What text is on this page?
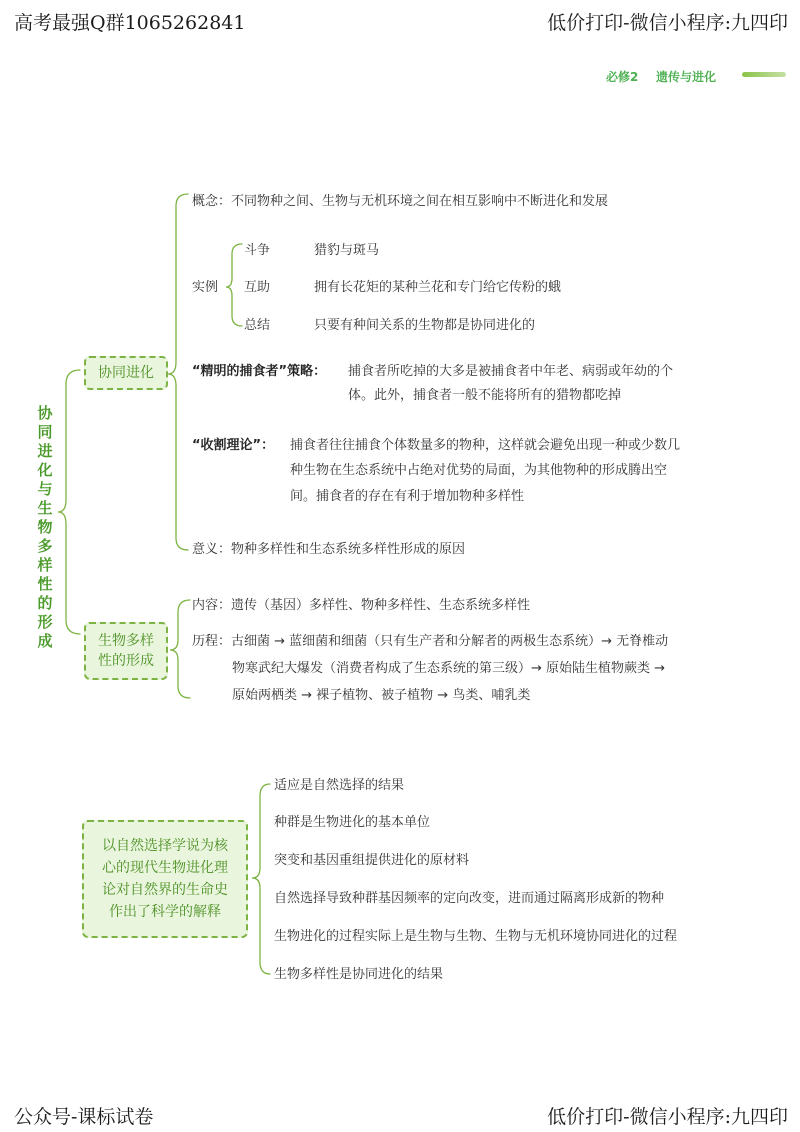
高考最强Q群1065262841	低价打印-微信小程序:九四印
公众号-课标试卷	低价打印-微信小程序:九四印
必修2 遗传与进化
协
同
进
化
与
生
物
多
样
性
的
形
成
协同进化
概念：不同物种之间、生物与无机环境之间在相互影响中不断进化和发展
实例
斗争	猎豹与斑马
互助	拥有长花矩的某种兰花和专门给它传粉的蛾
总结	只要有种间关系的生物都是协同进化的
“精明的捕食者”策略： 捕食者所吃掉的大多是被捕食者中年老、病弱或年幼的个
体。此外，捕食者一般不能将所有的猎物都吃掉
“收割理论”： 捕食者往往捕食个体数量多的物种，这样就会避免出现一种或少数几
种生物在生态系统中占绝对优势的局面，为其他物种的形成腾出空
间。捕食者的存在有利于增加物种多样性
意义：物种多样性和生态系统多样性形成的原因
生物多样
性的形成
内容：遗传（基因）多样性、物种多样性、生态系统多样性
历程：古细菌 → 蓝细菌和细菌（只有生产者和分解者的两极生态系统）→ 无脊椎动
物寒武纪大爆发（消费者构成了生态系统的第三级）→ 原始陆生植物蕨类 →
原始两栖类 → 裸子植物、被子植物 → 鸟类、哺乳类
以自然选择学说为核
心的现代生物进化理
论对自然界的生命史
作出了科学的解释
适应是自然选择的结果
种群是生物进化的基本单位
突变和基因重组提供进化的原材料
自然选择导致种群基因频率的定向改变，进而通过隔离形成新的物种
生物进化的过程实际上是生物与生物、生物与无机环境协同进化的过程
生物多样性是协同进化的结果
